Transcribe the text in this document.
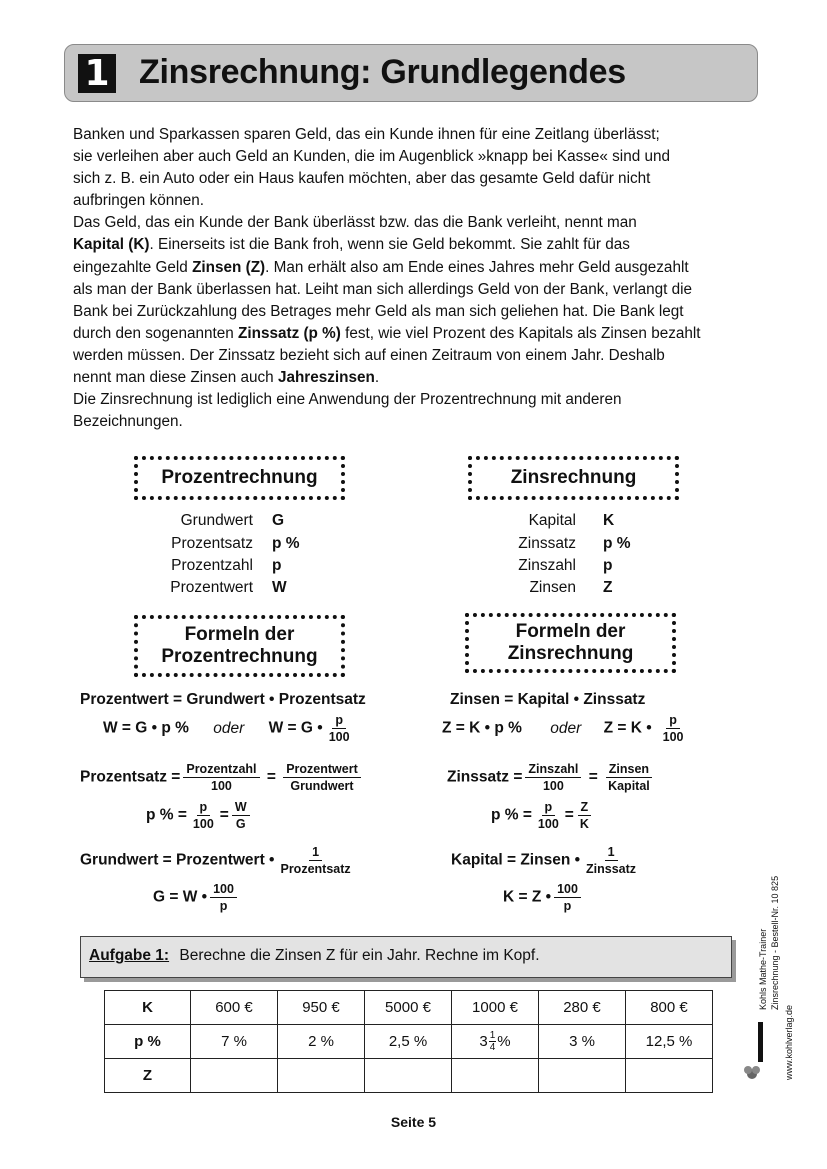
1 Zinsrechnung: Grundlegendes

Banken und Sparkassen sparen Geld, das ein Kunde ihnen für eine Zeitlang überlässt;

sie verleihen aber auch Geld an Kunden, die im Augenblick »knapp bei Kasse« sind und

sich z. B. ein Auto oder ein Haus kaufen möchten, aber das gesamte Geld dafür nicht

aufbringen können.

Das Geld, das ein Kunde der Bank überlässt bzw. das die Bank verleiht, nennt man

Kapital (K). Einerseits ist die Bank froh, wenn sie Geld bekommt. Sie zahlt für das

eingezahlte Geld Zinsen (Z). Man erhält also am Ende eines Jahres mehr Geld ausgezahlt

als man der Bank überlassen hat. Leiht man sich allerdings Geld von der Bank, verlangt die

Bank bei Zurückzahlung des Betrages mehr Geld als man sich geliehen hat. Die Bank legt

durch den sogenannten Zinssatz (p %) fest, wie viel Prozent des Kapitals als Zinsen bezahlt

werden müssen. Der Zinssatz bezieht sich auf einen Zeitraum von einem Jahr. Deshalb

nennt man diese Zinsen auch Jahreszinsen.

Die Zinsrechnung ist lediglich eine Anwendung der Prozentrechnung mit anderen

Bezeichnungen.

Prozentrechnung	Zinsrechnung
Grundwert G
Prozentsatz p %
Prozentzahl p
Prozentwert W
Kapital K
Zinssatz p %
Zinszahl p
Zinsen Z
Formeln der
Prozentrechnung
Formeln der
Zinsrechnung
Prozentwert = Grundwert • Prozentsatz
W = G • p % oder W = G • $\frac{p}{100}$
Prozentsatz = $\frac{\text{Prozentzahl}}{100} = \frac{\text{Prozentwert}}{\text{Grundwert}}$
p % = $\frac{p}{100} = \frac{W}{G}$
Grundwert = Prozentwert • $\frac{1}{\text{Prozentsatz}}$
G = W • $\frac{100}{p}$
Zinsen = Kapital • Zinssatz
Z = K • p % oder Z = K • $\frac{p}{100}$
Zinssatz = $\frac{\text{Zinszahl}}{100} = \frac{\text{Zinsen}}{\text{Kapital}}$
p % = $\frac{p}{100} = \frac{Z}{K}$
Kapital = Zinsen • $\frac{1}{\text{Zinssatz}}$
K = Z • $\frac{100}{p}$
Aufgabe 1: Berechne die Zinsen Z für ein Jahr. Rechne im Kopf.
K	600 €	950 €	5000 €	1000 €	280 €	800 €
p %	7 %	2 %	2,5 %	$3 \frac{1}{4}$ %	3 %	12,5 %
Z						
Kohls Mathe-Trainer Zinsrechnung - Bestell-Nr. 10 825
www.kohlverlag.de
Seite 5
